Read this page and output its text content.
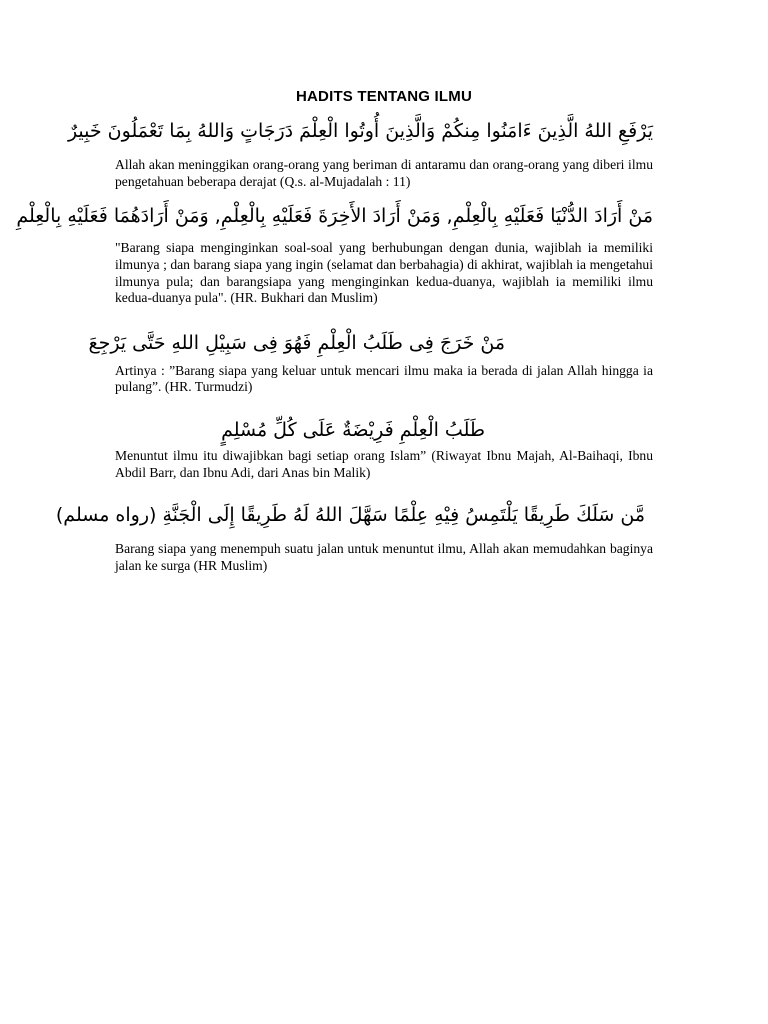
HADITS TENTANG ILMU

يَرْفَعِ اللهُ الَّذِينَ ءَامَنُوا مِنكُمْ وَالَّذِينَ أُوتُوا الْعِلْمَ دَرَجَاتٍ وَاللهُ بِمَا تَعْمَلُونَ خَبِيرٌ

Allah akan meninggikan orang-orang yang beriman di antaramu dan orang-orang yang diberi ilmu pengetahuan beberapa derajat (Q.s. al-Mujadalah : 11)

مَنْ أَرَادَ الدُّنْيَا فَعَلَيْهِ بِالْعِلْمِ, وَمَنْ أَرَادَ الأَخِرَةَ فَعَلَيْهِ بِالْعِلْمِ, وَمَنْ أَرَادَهُمَا فَعَلَيْهِ بِالْعِلْمِ

"Barang siapa menginginkan soal-soal yang berhubungan dengan dunia, wajiblah ia memiliki ilmunya ; dan barang siapa yang ingin (selamat dan berbahagia) di akhirat, wajiblah ia mengetahui ilmunya pula; dan barangsiapa yang menginginkan kedua-duanya, wajiblah ia memiliki ilmu kedua-duanya pula". (HR. Bukhari dan Muslim)

مَنْ خَرَجَ فِى طَلَبُ الْعِلْمِ فَهُوَ فِى سَبِيْلِ اللهِ حَتَّى يَرْجِعَ

Artinya : ”Barang siapa yang keluar untuk mencari ilmu maka ia berada di jalan Allah hingga ia pulang”. (HR. Turmudzi)

طَلَبُ الْعِلْمِ فَرِيْضَةٌ عَلَى كُلِّ مُسْلِمٍ

Menuntut ilmu itu diwajibkan bagi setiap orang Islam” (Riwayat Ibnu Majah, Al-Baihaqi, Ibnu Abdil Barr, dan Ibnu Adi, dari Anas bin Malik)

مَّن سَلَكَ طَرِيقًا يَلْتَمِسُ فِيْهِ عِلْمًا سَهَّلَ اللهُ لَهُ طَرِيقًا إِلَى الْجَنَّةِ (رواه مسلم)

Barang siapa yang menempuh suatu jalan untuk menuntut ilmu, Allah akan memudahkan baginya jalan ke surga (HR Muslim)
